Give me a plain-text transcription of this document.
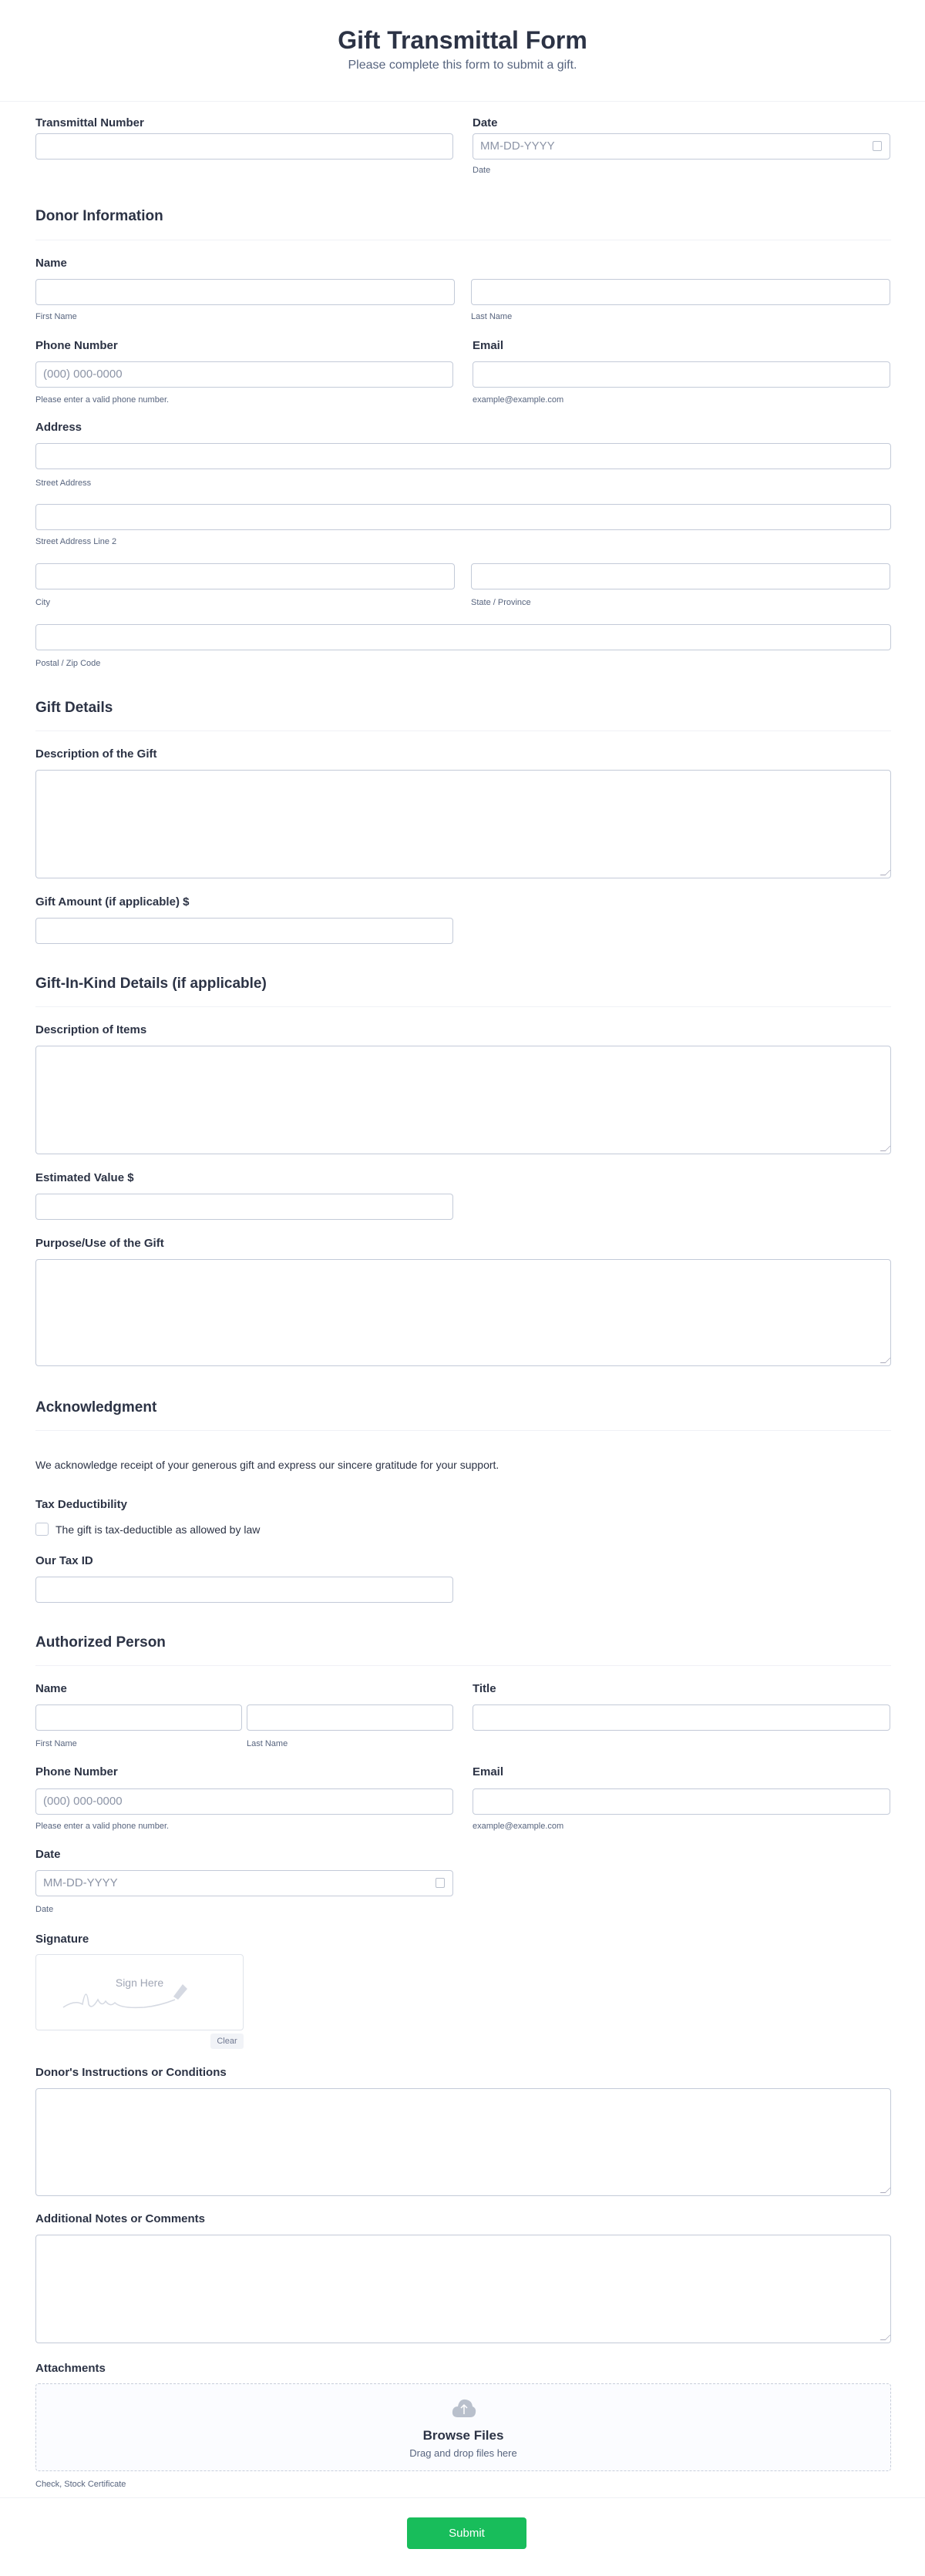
Gift Transmittal Form
Please complete this form to submit a gift.
Transmittal Number	Date
MM-DD-YYYY
Date
Donor Information
Name
First Name	Last Name
Phone Number
(000) 000-0000
Please enter a valid phone number.
Email
example@example.com
Address
Street Address
Street Address Line 2
City	State / Province
Postal / Zip Code
Gift Details
Description of the Gift
Gift Amount (if applicable) $
Gift-In-Kind Details (if applicable)
Description of Items
Estimated Value $
Purpose/Use of the Gift
Acknowledgment
We acknowledge receipt of your generous gift and express our sincere gratitude for your support.
Tax Deductibility
The gift is tax-deductible as allowed by law
Our Tax ID
Authorized Person
Name
First Name	Last Name
Title
Phone Number
(000) 000-0000
Please enter a valid phone number.
Email
example@example.com
Date
MM-DD-YYYY
Date
Signature
Sign Here
Clear
Donor's Instructions or Conditions
Additional Notes or Comments
Attachments
Browse Files
Drag and drop files here
Check, Stock Certificate
Submit
